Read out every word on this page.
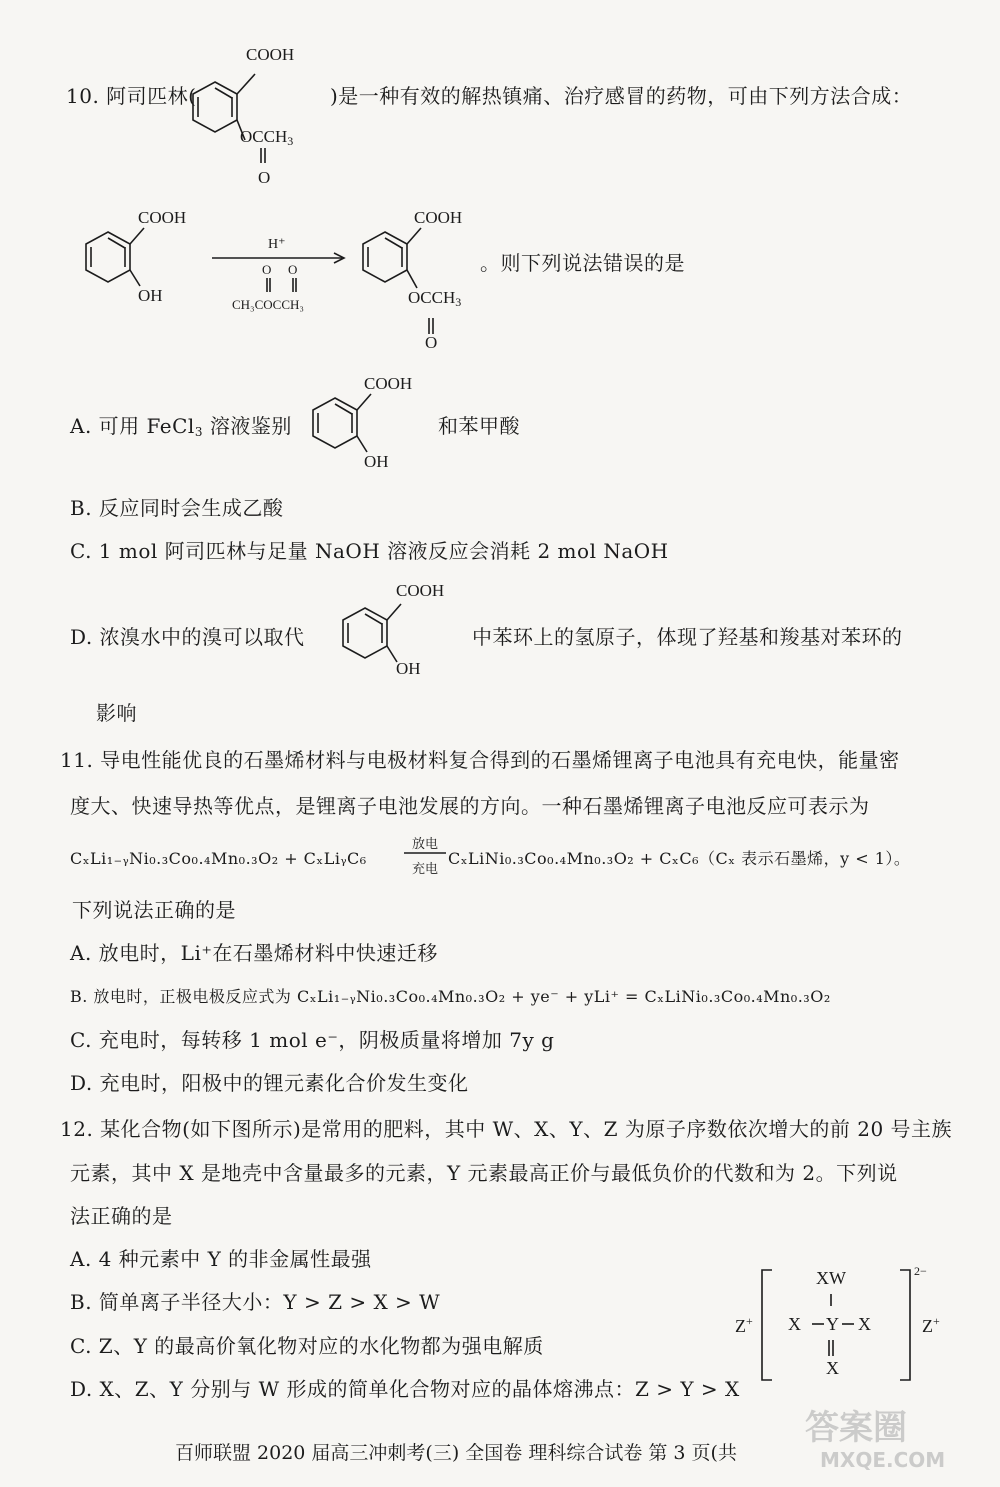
10. 阿司匹林(
COOH
$OCCH_3$
O
)是一种有效的解热镇痛、治疗感冒的药物，可由下列方法合成：
COOH
OH
H⁺
O O
CH₃COCCH₃
COOH
$OCCH_3$
O
。则下列说法错误的是
A. 可用 FeCl$_3$ 溶液鉴别
COOH
OH
和苯甲酸
B. 反应同时会生成乙酸
C. 1 mol 阿司匹林与足量 NaOH 溶液反应会消耗 2 mol NaOH
D. 浓溴水中的溴可以取代
COOH
OH
中苯环上的氢原子，体现了羟基和羧基对苯环的
影响
11. 导电性能优良的石墨烯材料与电极材料复合得到的石墨烯锂离子电池具有充电快，能量密
度大、快速导热等优点，是锂离子电池发展的方向。一种石墨烯锂离子电池反应可表示为
CₓLi₁₋ᵧNi₀.₃Co₀.₄Mn₀.₃O₂ + CₓLiᵧC₆
放电
充电
CₓLiNi₀.₃Co₀.₄Mn₀.₃O₂ + CₓC₆（Cₓ 表示石墨烯，y < 1）。
下列说法正确的是
A. 放电时，Li⁺在石墨烯材料中快速迁移
B. 放电时，正极电极反应式为 CₓLi₁₋ᵧNi₀.₃Co₀.₄Mn₀.₃O₂ + ye⁻ + yLi⁺ = CₓLiNi₀.₃Co₀.₄Mn₀.₃O₂
C. 充电时，每转移 1 mol e⁻，阴极质量将增加 7y g
D. 充电时，阳极中的锂元素化合价发生变化
12. 某化合物(如下图所示)是常用的肥料，其中 W、X、Y、Z 为原子序数依次增大的前 20 号主族
元素，其中 X 是地壳中含量最多的元素，Y 元素最高正价与最低负价的代数和为 2。下列说
法正确的是
A. 4 种元素中 Y 的非金属性最强
B. 简单离子半径大小：Y > Z > X > W
C. Z、Y 的最高价氧化物对应的水化物都为强电解质
D. X、Z、Y 分别与 W 形成的简单化合物对应的晶体熔沸点：Z > Y > X
Z+
2−
XW
X Y X
X
Z+
百师联盟 2020 届高三冲刺考(三) 全国卷 理科综合试卷 第 3 页(共
答案圈
MXQE.COM
